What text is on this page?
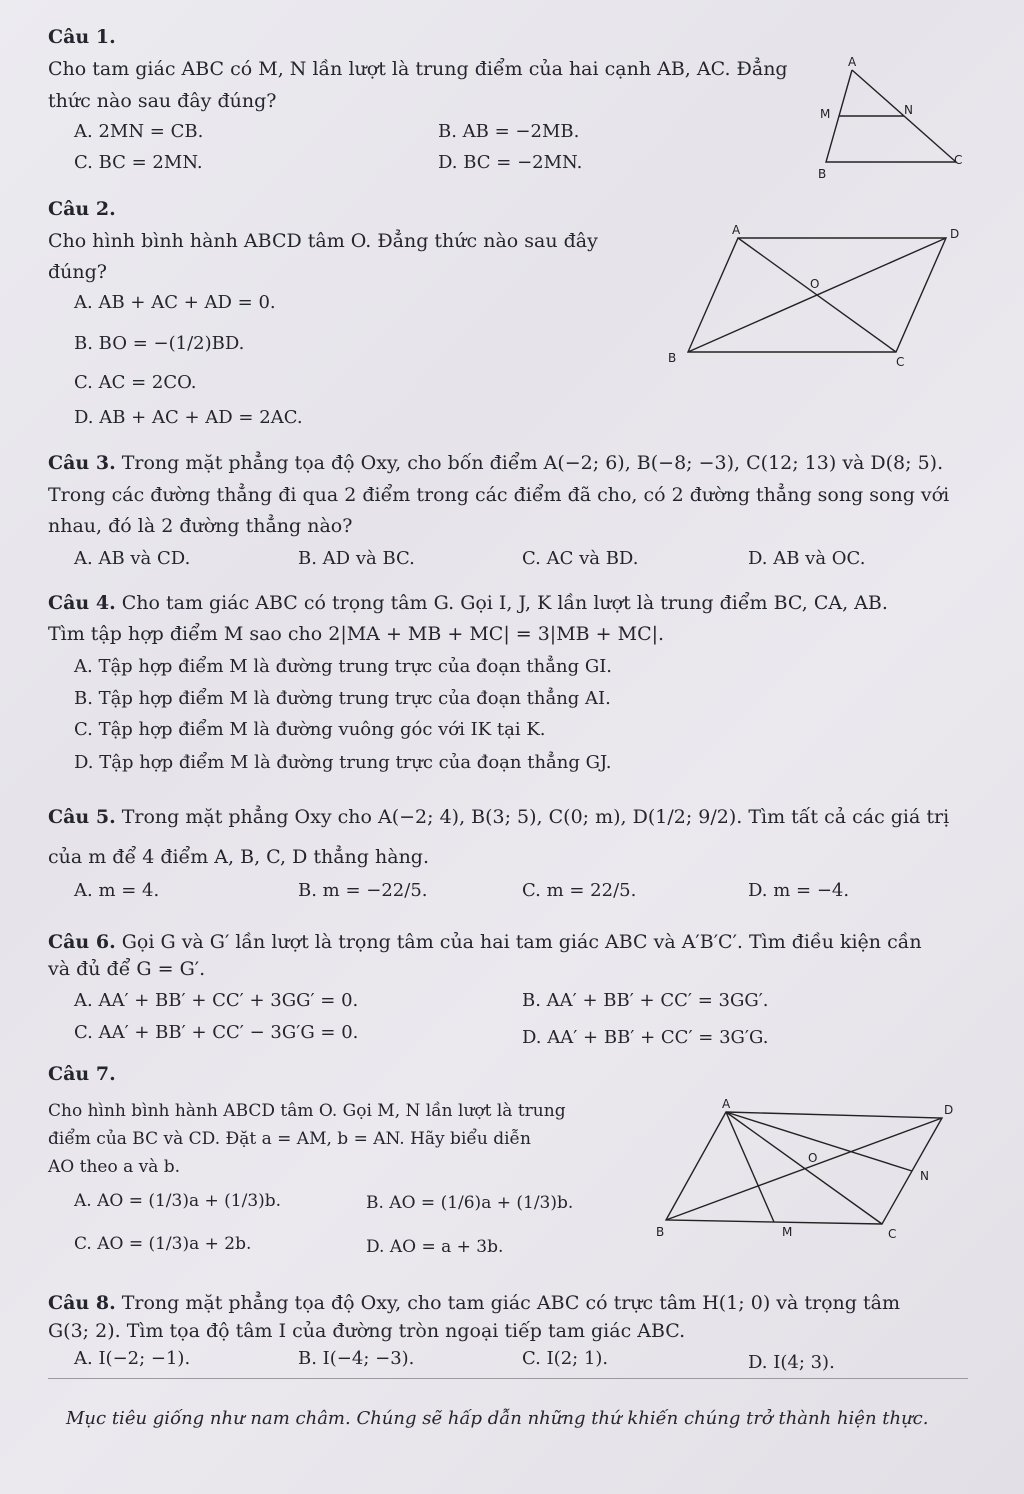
Câu 1.
Cho tam giác ABC có M, N lần lượt là trung điểm của hai cạnh AB, AC. Đẳng
thức nào sau đây đúng?
A. 2MN = CB.	B. AB = −2MB.
C. BC = 2MN.	D. BC = −2MN.
A
M	N
B
C
Câu 2.
Cho hình bình hành ABCD tâm O. Đẳng thức nào sau đây
đúng?
A. AB + AC + AD = 0.
B. BO = −(1/2)BD.
C. AC = 2CO.
D. AB + AC + AD = 2AC.
A	D
O
B	C
Câu 3. Trong mặt phẳng tọa độ Oxy, cho bốn điểm A(−2; 6), B(−8; −3), C(12; 13) và D(8; 5).
Trong các đường thẳng đi qua 2 điểm trong các điểm đã cho, có 2 đường thẳng song song với
nhau, đó là 2 đường thẳng nào?
A. AB và CD.	B. AD và BC.	C. AC và BD.	D. AB và OC.
Câu 4. Cho tam giác ABC có trọng tâm G. Gọi I, J, K lần lượt là trung điểm BC, CA, AB.
Tìm tập hợp điểm M sao cho 2|MA + MB + MC| = 3|MB + MC|.
A. Tập hợp điểm M là đường trung trực của đoạn thẳng GI.
B. Tập hợp điểm M là đường trung trực của đoạn thẳng AI.
C. Tập hợp điểm M là đường vuông góc với IK tại K.
D. Tập hợp điểm M là đường trung trực của đoạn thẳng GJ.
Câu 5. Trong mặt phẳng Oxy cho A(−2; 4), B(3; 5), C(0; m), D(1/2; 9/2). Tìm tất cả các giá trị
của m để 4 điểm A, B, C, D thẳng hàng.
A. m = 4.	B. m = −22/5.	C. m = 22/5.	D. m = −4.
Câu 6. Gọi G và G′ lần lượt là trọng tâm của hai tam giác ABC và A′B′C′. Tìm điều kiện cần
và đủ để G = G′.
A. AA′ + BB′ + CC′ + 3GG′ = 0.	B. AA′ + BB′ + CC′ = 3GG′.
C. AA′ + BB′ + CC′ − 3G′G = 0.	D. AA′ + BB′ + CC′ = 3G′G.
Câu 7.
Cho hình bình hành ABCD tâm O. Gọi M, N lần lượt là trung
điểm của BC và CD. Đặt a = AM, b = AN. Hãy biểu diễn
AO theo a và b.
A. AO = (1/3)a + (1/3)b.	B. AO = (1/6)a + (1/3)b.
C. AO = (1/3)a + 2b.	D. AO = a + 3b.
A	D
O
N
B	M	C
Câu 8. Trong mặt phẳng tọa độ Oxy, cho tam giác ABC có trực tâm H(1; 0) và trọng tâm
G(3; 2). Tìm tọa độ tâm I của đường tròn ngoại tiếp tam giác ABC.
A. I(−2; −1).	B. I(−4; −3).	C. I(2; 1).	D. I(4; 3).
Mục tiêu giống như nam châm. Chúng sẽ hấp dẫn những thứ khiến chúng trở thành hiện thực.
